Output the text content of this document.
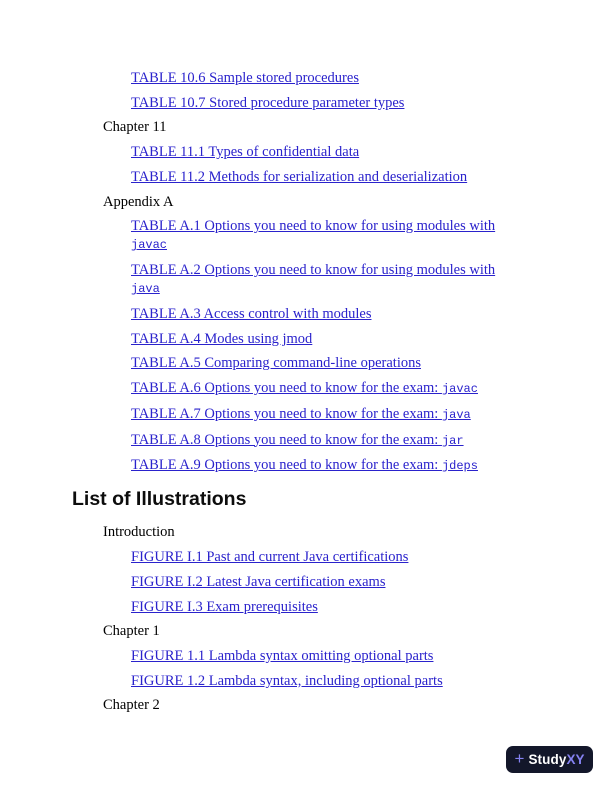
TABLE 10.6 Sample stored procedures
TABLE 10.7 Stored procedure parameter types
Chapter 11
TABLE 11.1 Types of confidential data
TABLE 11.2 Methods for serialization and deserialization
Appendix A
TABLE A.1 Options you need to know for using modules with
javac
TABLE A.2 Options you need to know for using modules with
java
TABLE A.3 Access control with modules
TABLE A.4 Modes using jmod
TABLE A.5 Comparing command-line operations
TABLE A.6 Options you need to know for the exam: javac
TABLE A.7 Options you need to know for the exam: java
TABLE A.8 Options you need to know for the exam: jar
TABLE A.9 Options you need to know for the exam: jdeps
List of Illustrations
Introduction
FIGURE I.1 Past and current Java certifications
FIGURE I.2 Latest Java certification exams
FIGURE I.3 Exam prerequisites
Chapter 1
FIGURE 1.1 Lambda syntax omitting optional parts
FIGURE 1.2 Lambda syntax, including optional parts
Chapter 2
+ Study XY
